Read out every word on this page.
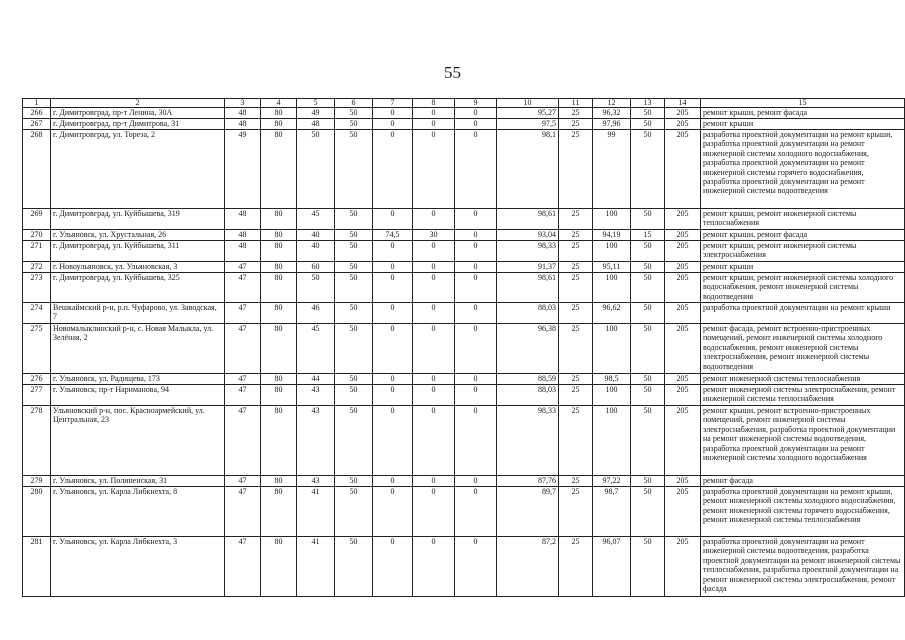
55
1	2	3	4	5	6	7	8	9	10	11	12	13	14	15
266	г. Димитровград, пр-т Ленина, 30А	48	80	49	50	0	0	0	95,27	25	96,32	50	205	ремонт крыши, ремонт фасада
267	г. Димитровград, пр-т Димитрова, 31	48	80	48	50	0	0	0	97,5	25	97,96	50	205	ремонт крыши
268	г. Димитровград, ул. Тореза, 2	49	80	50	50	0	0	0	98,1	25	99	50	205	разработка проектной документации на ремонт крыши, разработка проектной документации на ремонт инженерной системы холодного водоснабжения, разработка проектной документации на ремонт инженерной системы горячего водоснабжения, разработка проектной документации на ремонт инженерной системы водоотведения
269	г. Димитровград, ул. Куйбышева, 319	48	80	45	50	0	0	0	98,61	25	100	50	205	ремонт крыши, ремонт инженерной системы теплоснабжения
270	г. Ульяновск, ул. Хрустальная, 26	48	80	40	50	74,5	30	0	93,04	25	94,19	15	205	ремонт крыши, ремонт фасада
271	г. Димитровград, ул. Куйбышева, 311	48	80	40	50	0	0	0	98,33	25	100	50	205	ремонт крыши, ремонт инженерной системы электроснабжения
272	г. Новоульяновск, ул. Ульяновская, 3	47	80	60	50	0	0	0	91,37	25	95,11	50	205	ремонт крыши
273	г. Димитровград, ул. Куйбышева, 325	47	80	50	50	0	0	0	98,61	25	100	50	205	ремонт крыши, ремонт инженерной системы холодного водоснабжения, ремонт инженерной системы водоотведения
274	Вешкаймский р-н, р.п. Чуфарово, ул. Заводская, 7	47	80	46	50	0	0	0	88,03	25	96,62	50	205	разработка проектной документации на ремонт крыши
275	Новомалыклинский р-н, с. Новая Малыкла, ул. Зелёная, 2	47	80	45	50	0	0	0	96,38	25	100	50	205	ремонт фасада, ремонт встроенно-пристроенных помещений, ремонт инженерной системы холодного водоснабжения, ремонт инженерной системы электроснабжения, ремонт инженерной системы водоотведения
276	г. Ульяновск, ул. Радищева, 173	47	80	44	50	0	0	0	88,59	25	98,5	50	205	ремонт инженерной системы теплоснабжения
277	г. Ульяновск, пр-т Нариманова, 94	47	80	43	50	0	0	0	88,03	25	100	50	205	ремонт инженерной системы электроснабжения, ремонт инженерной системы теплоснабжения
278	Ульяновский р-н, пос. Красноармейский, ул. Центральная, 23	47	80	43	50	0	0	0	98,33	25	100	50	205	ремонт крыши, ремонт встроенно-пристроенных помещений, ремонт инженерной системы электроснабжения, разработка проектной документации на ремонт инженерной системы водоотведения, разработка проектной документации на ремонт инженерной системы холодного водоснабжения
279	г. Ульяновск, ул. Полиненская, 31	47	80	43	50	0	0	0	87,76	25	97,22	50	205	ремонт фасада
280	г. Ульяновск, ул. Карла Либкнехта, 8	47	80	41	50	0	0	0	89,7	25	98,7	50	205	разработка проектной документации на ремонт крыши, ремонт инженерной системы холодного водоснабжения, ремонт инженерной системы горячего водоснабжения, ремонт инженерной системы теплоснабжения
281	г. Ульяновск, ул. Карла Либкнехта, 3	47	80	41	50	0	0	0	87,2	25	96,07	50	205	разработка проектной документации на ремонт инженерной системы водоотведения, разработка проектной документации на ремонт инженерной системы теплоснабжения, разработка проектной документации на ремонт инженерной системы электроснабжения, ремонт фасада
